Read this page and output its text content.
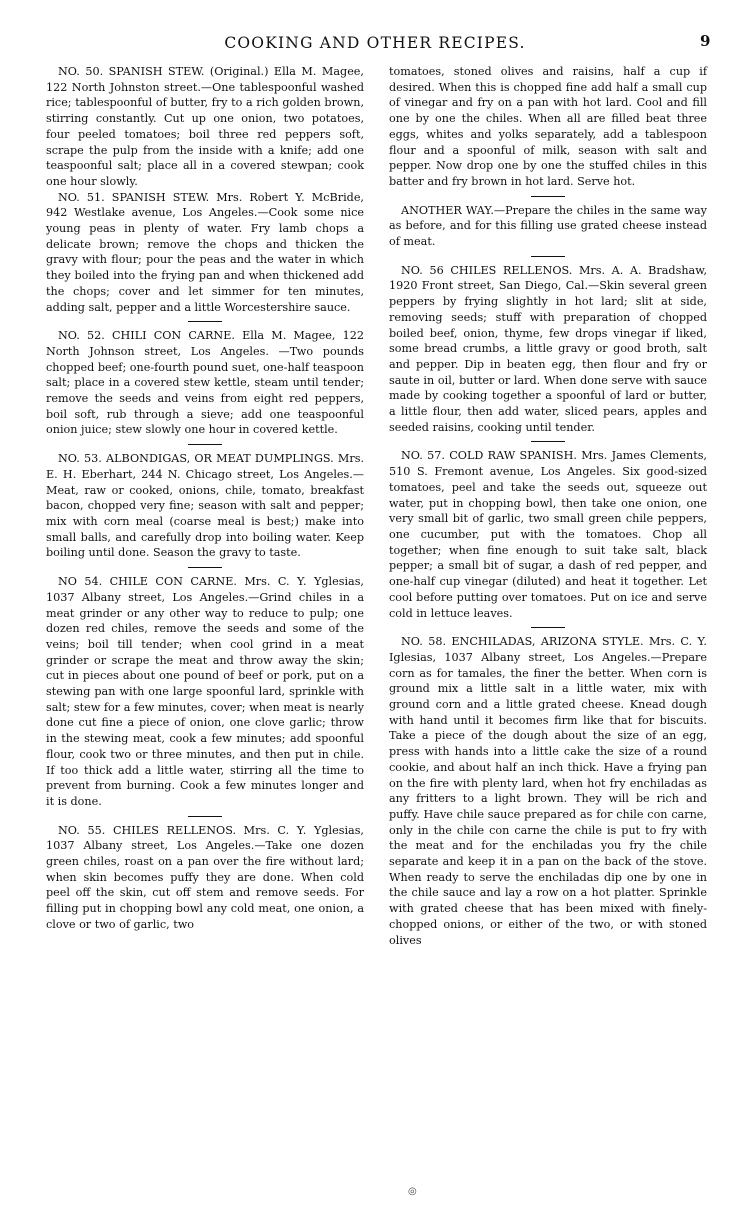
COOKING AND OTHER RECIPES.	9

NO. 50. SPANISH STEW. (Original.) Ella M. Magee, 122 North Johnston street.—One tablespoonful washed rice; tablespoonful of butter, fry to a rich golden brown, stirring constantly. Cut up one onion, two potatoes, four peeled tomatoes; boil three red peppers soft, scrape the pulp from the inside with a knife; add one teaspoonful salt; place all in a covered stewpan; cook one hour slowly.

NO. 51. SPANISH STEW. Mrs. Robert Y. McBride, 942 Westlake avenue, Los Angeles.—Cook some nice young peas in plenty of water. Fry lamb chops a delicate brown; remove the chops and thicken the gravy with flour; pour the peas and the water in which they boiled into the frying pan and when thickened add the chops; cover and let simmer for ten minutes, adding salt, pepper and a little Worcestershire sauce.

NO. 52. CHILI CON CARNE. Ella M. Magee, 122 North Johnson street, Los Angeles. —Two pounds chopped beef; one-fourth pound suet, one-half teaspoon salt; place in a covered stew kettle, steam until tender; remove the seeds and veins from eight red peppers, boil soft, rub through a sieve; add one teaspoonful onion juice; stew slowly one hour in covered kettle.

NO. 53. ALBONDIGAS, OR MEAT DUMPLINGS. Mrs. E. H. Eberhart, 244 N. Chicago street, Los Angeles.—Meat, raw or cooked, onions, chile, tomato, breakfast bacon, chopped very fine; season with salt and pepper; mix with corn meal (coarse meal is best;) make into small balls, and carefully drop into boiling water. Keep boiling until done. Season the gravy to taste.

NO 54. CHILE CON CARNE. Mrs. C. Y. Yglesias, 1037 Albany street, Los Angeles.—Grind chiles in a meat grinder or any other way to reduce to pulp; one dozen red chiles, remove the seeds and some of the veins; boil till tender; when cool grind in a meat grinder or scrape the meat and throw away the skin; cut in pieces about one pound of beef or pork, put on a stewing pan with one large spoonful lard, sprinkle with salt; stew for a few minutes, cover; when meat is nearly done cut fine a piece of onion, one clove garlic; throw in the stewing meat, cook a few minutes; add spoonful flour, cook two or three minutes, and then put in chile. If too thick add a little water, stirring all the time to prevent from burning. Cook a few minutes longer and it is done.

NO. 55. CHILES RELLENOS. Mrs. C. Y. Yglesias, 1037 Albany street, Los Angeles.—Take one dozen green chiles, roast on a pan over the fire without lard; when skin becomes puffy they are done. When cold peel off the skin, cut off stem and remove seeds. For filling put in chopping bowl any cold meat, one onion, a clove or two of garlic, two

tomatoes, stoned olives and raisins, half a cup if desired. When this is chopped fine add half a small cup of vinegar and fry on a pan with hot lard. Cool and fill one by one the chiles. When all are filled beat three eggs, whites and yolks separately, add a tablespoon flour and a spoonful of milk, season with salt and pepper. Now drop one by one the stuffed chiles in this batter and fry brown in hot lard. Serve hot.

ANOTHER WAY.—Prepare the chiles in the same way as before, and for this filling use grated cheese instead of meat.

NO. 56 CHILES RELLENOS. Mrs. A. A. Bradshaw, 1920 Front street, San Diego, Cal.—Skin several green peppers by frying slightly in hot lard; slit at side, removing seeds; stuff with preparation of chopped boiled beef, onion, thyme, few drops vinegar if liked, some bread crumbs, a little gravy or good broth, salt and pepper. Dip in beaten egg, then flour and fry or saute in oil, butter or lard. When done serve with sauce made by cooking together a spoonful of lard or butter, a little flour, then add water, sliced pears, apples and seeded raisins, cooking until tender.

NO. 57. COLD RAW SPANISH. Mrs. James Clements, 510 S. Fremont avenue, Los Angeles. Six good-sized tomatoes, peel and take the seeds out, squeeze out water, put in chopping bowl, then take one onion, one very small bit of garlic, two small green chile peppers, one cucumber, put with the tomatoes. Chop all together; when fine enough to suit take salt, black pepper; a small bit of sugar, a dash of red pepper, and one-half cup vinegar (diluted) and heat it together. Let cool before putting over tomatoes. Put on ice and serve cold in lettuce leaves.

NO. 58. ENCHILADAS, ARIZONA STYLE. Mrs. C. Y. Iglesias, 1037 Albany street, Los Angeles.—Prepare corn as for tamales, the finer the better. When corn is ground mix a little salt in a little water, mix with ground corn and a little grated cheese. Knead dough with hand until it becomes firm like that for biscuits. Take a piece of the dough about the size of an egg, press with hands into a little cake the size of a round cookie, and about half an inch thick. Have a frying pan on the fire with plenty lard, when hot fry enchiladas as any fritters to a light brown. They will be rich and puffy. Have chile sauce prepared as for chile con carne, only in the chile con carne the chile is put to fry with the meat and for the enchiladas you fry the chile separate and keep it in a pan on the back of the stove. When ready to serve the enchiladas dip one by one in the chile sauce and lay a row on a hot platter. Sprinkle with grated cheese that has been mixed with finely-chopped onions, or either of the two, or with stoned olives

◎
